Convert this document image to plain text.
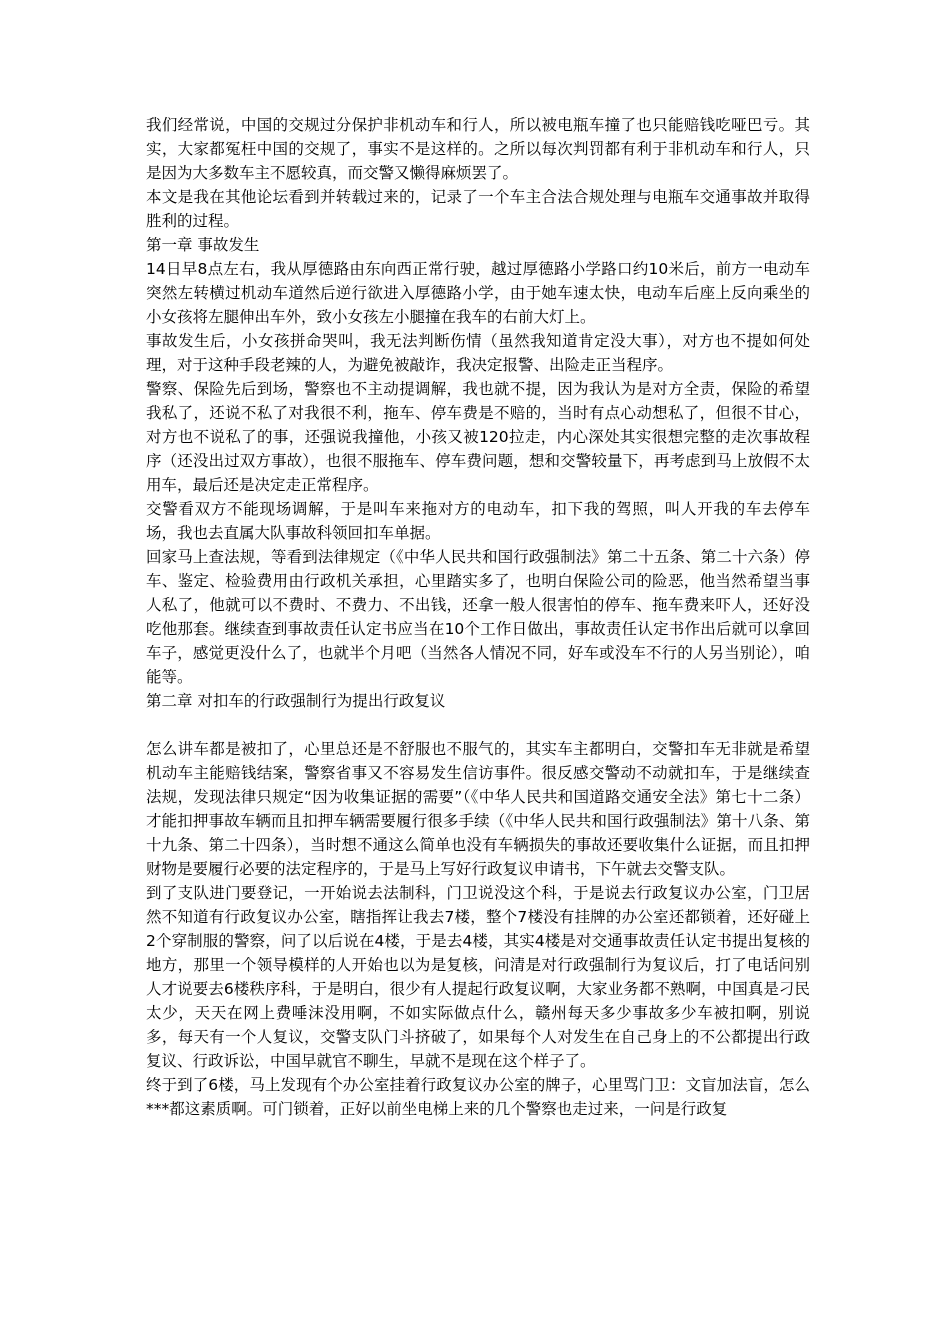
我们经常说，中国的交规过分保护非机动车和行人，所以被电瓶车撞了也只能赔钱吃哑巴亏。其实，大家都冤枉中国的交规了，事实不是这样的。之所以每次判罚都有利于非机动车和行人，只是因为大多数车主不愿较真，而交警又懒得麻烦罢了。

本文是我在其他论坛看到并转载过来的，记录了一个车主合法合规处理与电瓶车交通事故并取得胜利的过程。

第一章 事故发生

14日早8点左右，我从厚德路由东向西正常行驶，越过厚德路小学路口约10米后，前方一电动车突然左转横过机动车道然后逆行欲进入厚德路小学，由于她车速太快，电动车后座上反向乘坐的小女孩将左腿伸出车外，致小女孩左小腿撞在我车的右前大灯上。

事故发生后，小女孩拼命哭叫，我无法判断伤情（虽然我知道肯定没大事），对方也不提如何处理，对于这种手段老辣的人，为避免被敲诈，我决定报警、出险走正当程序。

警察、保险先后到场，警察也不主动提调解，我也就不提，因为我认为是对方全责，保险的希望我私了，还说不私了对我很不利，拖车、停车费是不赔的，当时有点心动想私了，但很不甘心，对方也不说私了的事，还强说我撞他，小孩又被120拉走，内心深处其实很想完整的走次事故程序（还没出过双方事故），也很不服拖车、停车费问题，想和交警较量下，再考虑到马上放假不太用车，最后还是决定走正常程序。

交警看双方不能现场调解，于是叫车来拖对方的电动车，扣下我的驾照，叫人开我的车去停车场，我也去直属大队事故科领回扣车单据。

回家马上查法规，等看到法律规定（《中华人民共和国行政强制法》第二十五条、第二十六条）停车、鉴定、检验费用由行政机关承担，心里踏实多了，也明白保险公司的险恶，他当然希望当事人私了，他就可以不费时、不费力、不出钱，还拿一般人很害怕的停车、拖车费来吓人，还好没吃他那套。继续查到事故责任认定书应当在10个工作日做出，事故责任认定书作出后就可以拿回车子，感觉更没什么了，也就半个月吧（当然各人情况不同，好车或没车不行的人另当别论），咱能等。

第二章 对扣车的行政强制行为提出行政复议

怎么讲车都是被扣了，心里总还是不舒服也不服气的，其实车主都明白，交警扣车无非就是希望机动车主能赔钱结案，警察省事又不容易发生信访事件。很反感交警动不动就扣车，于是继续查法规，发现法律只规定“因为收集证据的需要”（《中华人民共和国道路交通安全法》第七十二条）才能扣押事故车辆而且扣押车辆需要履行很多手续（《中华人民共和国行政强制法》第十八条、第十九条、第二十四条），当时想不通这么简单也没有车辆损失的事故还要收集什么证据，而且扣押财物是要履行必要的法定程序的，于是马上写好行政复议申请书，下午就去交警支队。

到了支队进门要登记，一开始说去法制科，门卫说没这个科，于是说去行政复议办公室，门卫居然不知道有行政复议办公室，瞎指挥让我去7楼，整个7楼没有挂牌的办公室还都锁着，还好碰上2个穿制服的警察，问了以后说在4楼，于是去4楼，其实4楼是对交通事故责任认定书提出复核的地方，那里一个领导模样的人开始也以为是复核，问清是对行政强制行为复议后，打了电话问别人才说要去6楼秩序科，于是明白，很少有人提起行政复议啊，大家业务都不熟啊，中国真是刁民太少，天天在网上费唾沫没用啊，不如实际做点什么，赣州每天多少事故多少车被扣啊，别说多，每天有一个人复议，交警支队门斗挤破了，如果每个人对发生在自己身上的不公都提出行政复议、行政诉讼，中国早就官不聊生，早就不是现在这个样子了。

终于到了6楼，马上发现有个办公室挂着行政复议办公室的牌子，心里骂门卫：文盲加法盲，怎么***都这素质啊。可门锁着，正好以前坐电梯上来的几个警察也走过来，一问是行政复
